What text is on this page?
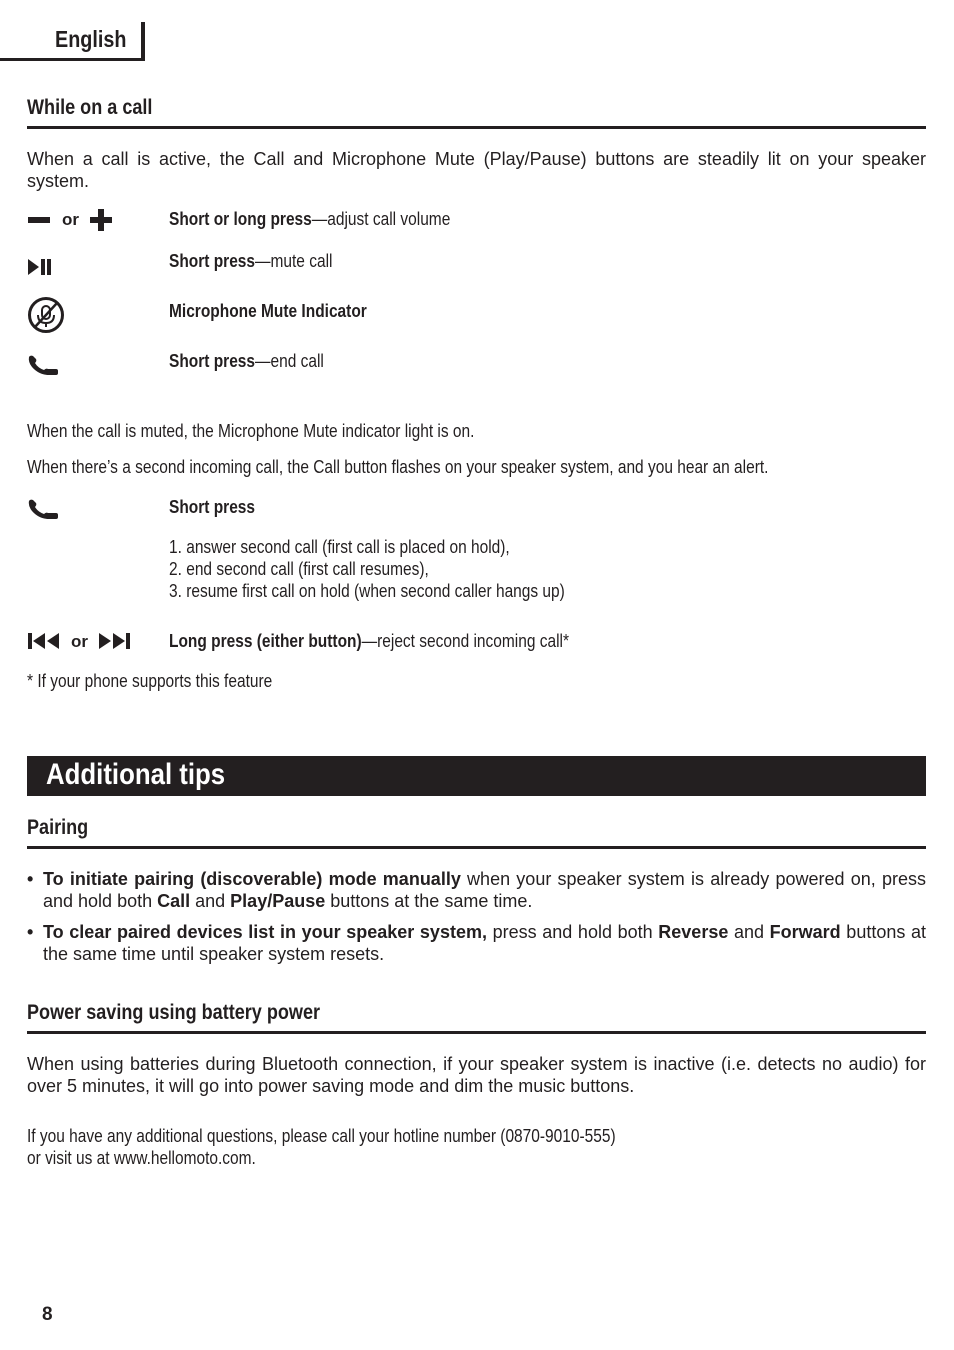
English
While on a call
When a call is active, the Call and Microphone Mute (Play/Pause) buttons are steadily lit on your speaker system.
or	Short or long press—adjust call volume
Short press—mute call
Microphone Mute Indicator
Short press—end call
When the call is muted, the Microphone Mute indicator light is on.
When there’s a second incoming call, the Call button flashes on your speaker system, and you hear an alert.
Short press
1. answer second call (first call is placed on hold),
2. end second call (first call resumes),
3. resume first call on hold (when second caller hangs up)
or	Long press (either button)—reject second incoming call*
* If your phone supports this feature
Additional tips
Pairing
• To initiate pairing (discoverable) mode manually when your speaker system is already powered on, press and hold both Call and Play/Pause buttons at the same time.
• To clear paired devices list in your speaker system, press and hold both Reverse and Forward buttons at the same time until speaker system resets.
Power saving using battery power
When using batteries during Bluetooth connection, if your speaker system is inactive (i.e. detects no audio) for over 5 minutes, it will go into power saving mode and dim the music buttons.
If you have any additional questions, please call your hotline number (0870-9010-555)
or visit us at www.hellomoto.com.
8
